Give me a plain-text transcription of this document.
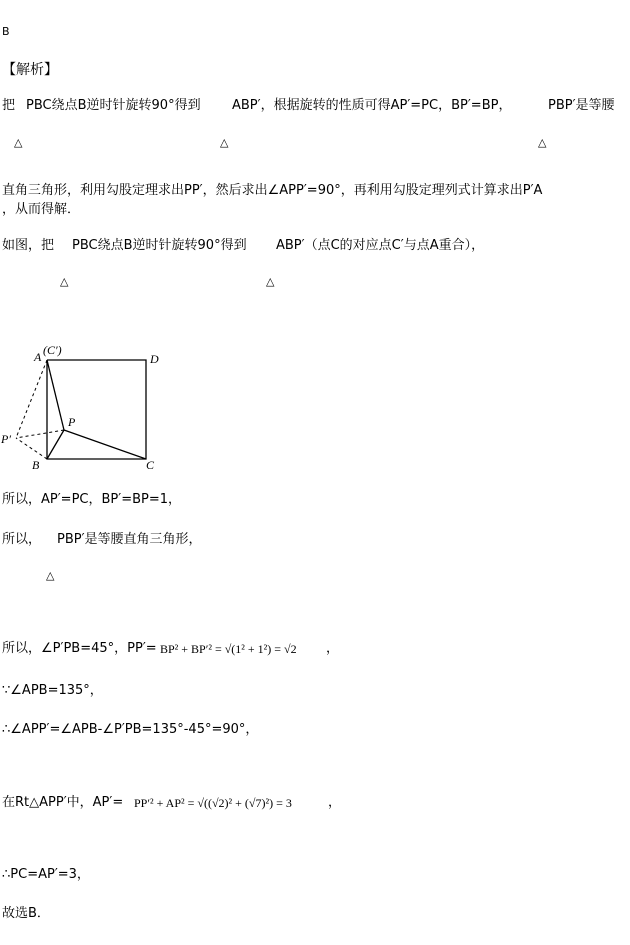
B
【解析】
把 PBC绕点B逆时针旋转90°得到 ABP′，根据旋转的性质可得AP′=PC，BP′=BP，	PBP′是等腰
△	△	△
直角三角形，利用勾股定理求出PP′，然后求出∠APP′=90°，再利用勾股定理列式计算求出P′A
，从而得解．
如图，把 PBC绕点B逆时针旋转90°得到 ABP′（点C的对应点C′与点A重合），
△	△
A (C′)
D
P
P′
B	C
所以，AP′=PC，BP′=BP=1，
所以， PBP′是等腰直角三角形，
△
所以，∠P′PB=45°，PP′= BP² + BP′² = √(1² + 1²) = √2 ，
∵∠APB=135°，
∴∠APP′=∠APB-∠P′PB=135°-45°=90°，
在Rt△APP′中，AP′= PP′² + AP² = √((√2)² + (√7)²) = 3	，
∴PC=AP′=3，
故选B．
